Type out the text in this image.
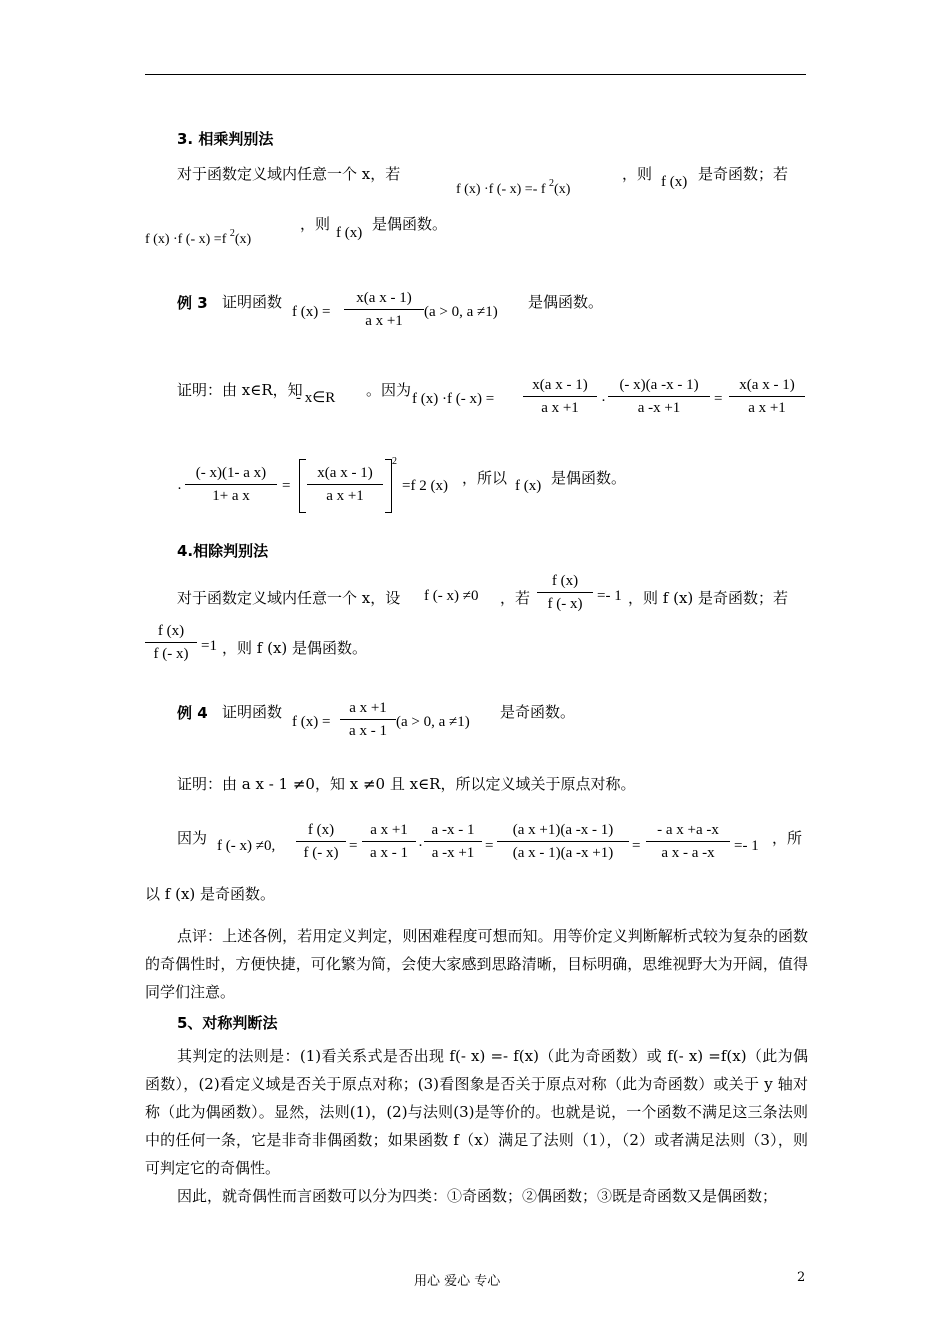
3. 相乘判别法
对于函数定义域内任意一个 x，若
f (x) ·f (- x) =- f $^2$(x)
，则 f (x) 是奇函数；若
f (x) ·f (- x) =f $^2$(x)
，则 f (x) 是偶函数。
例 3 证明函数
f (x) =
x(a x - 1)
a x +1
(a > 0, a ≠1)
是偶函数。
证明：由 x∈R，知
- x∈R 。因为 f (x) ·f (- x) =
x(a x - 1)
a x +1	·
(- x)(a -x - 1)
a -x +1
=
x(a x - 1)
a x +1
·
(- x)(1- a x)
1+ a x
=
x(a x - 1)
a x +1
2
=f 2 (x) ，所以 f (x) 是偶函数。
4.相除判别法
对于函数定义域内任意一个 x，设 f (- x) ≠0 ，若
f (x)
f (- x) =- 1 ，则 f (x) 是奇函数；若
f (x)
f (- x) =1 ，则 f (x) 是偶函数。
例 4 证明函数
f (x) =
a x +1
a x - 1
(a > 0, a ≠1)
是奇函数。
证明：由 a x - 1 ≠0，知 x ≠0 且 x∈R，所以定义域关于原点对称。
因为 f (- x) ≠0,
f (x)
f (- x) =
a x +1
a x - 1 ·
a -x - 1
a -x +1 =
(a x +1)(a -x - 1)
(a x - 1)(a -x +1)	=
- a x +a -x
a x - a -x	=- 1 ，所
以 f (x) 是奇函数。
点评：上述各例，若用定义判定，则困难程度可想而知。用等价定义判断解析式较为复杂的函数的奇偶性时，方便快捷，可化繁为简，会使大家感到思路清晰，目标明确，思维视野大为开阔，值得同学们注意。
5、对称判断法
其判定的法则是：(1)看关系式是否出现 f(- x) =- f(x)（此为奇函数）或 f(- x) =f(x)（此为偶函数），(2)看定义域是否关于原点对称；(3)看图象是否关于原点对称（此为奇函数）或关于 y 轴对称（此为偶函数）。显然，法则(1)，(2)与法则(3)是等价的。也就是说，一个函数不满足这三条法则中的任何一条，它是非奇非偶函数；如果函数 f（x）满足了法则（1），（2）或者满足法则（3），则可判定它的奇偶性。
因此，就奇偶性而言函数可以分为四类：①奇函数；②偶函数；③既是奇函数又是偶函数；
用心 爱心 专心	2
